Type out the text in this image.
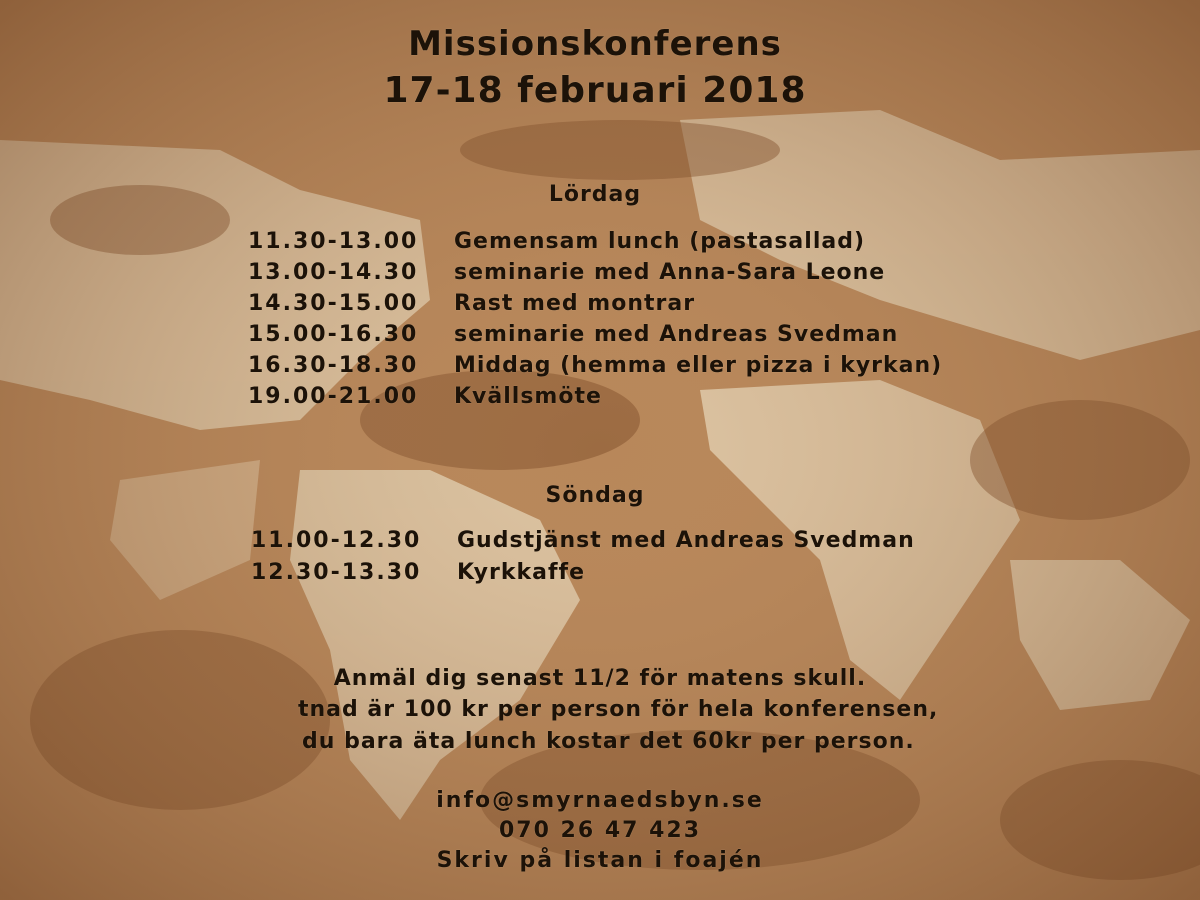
Missionskonferens
17-18 februari 2018
Lördag
11.30-13.00 Gemensam lunch (pastasallad)
13.00-14.30 seminarie med Anna-Sara Leone
14.30-15.00 Rast med montrar
15.00-16.30 seminarie med Andreas Svedman
16.30-18.30 Middag (hemma eller pizza i kyrkan)
19.00-21.00 Kvällsmöte
Söndag
11.00-12.30 Gudstjänst med Andreas Svedman
12.30-13.30 Kyrkkaffe
Anmäl dig senast 11/2 för matens skull.
tnad är 100 kr per person för hela konferensen,
du bara äta lunch kostar det 60kr per person.
info@smyrnaedsbyn.se
070 26 47 423
Skriv på listan i foajén
